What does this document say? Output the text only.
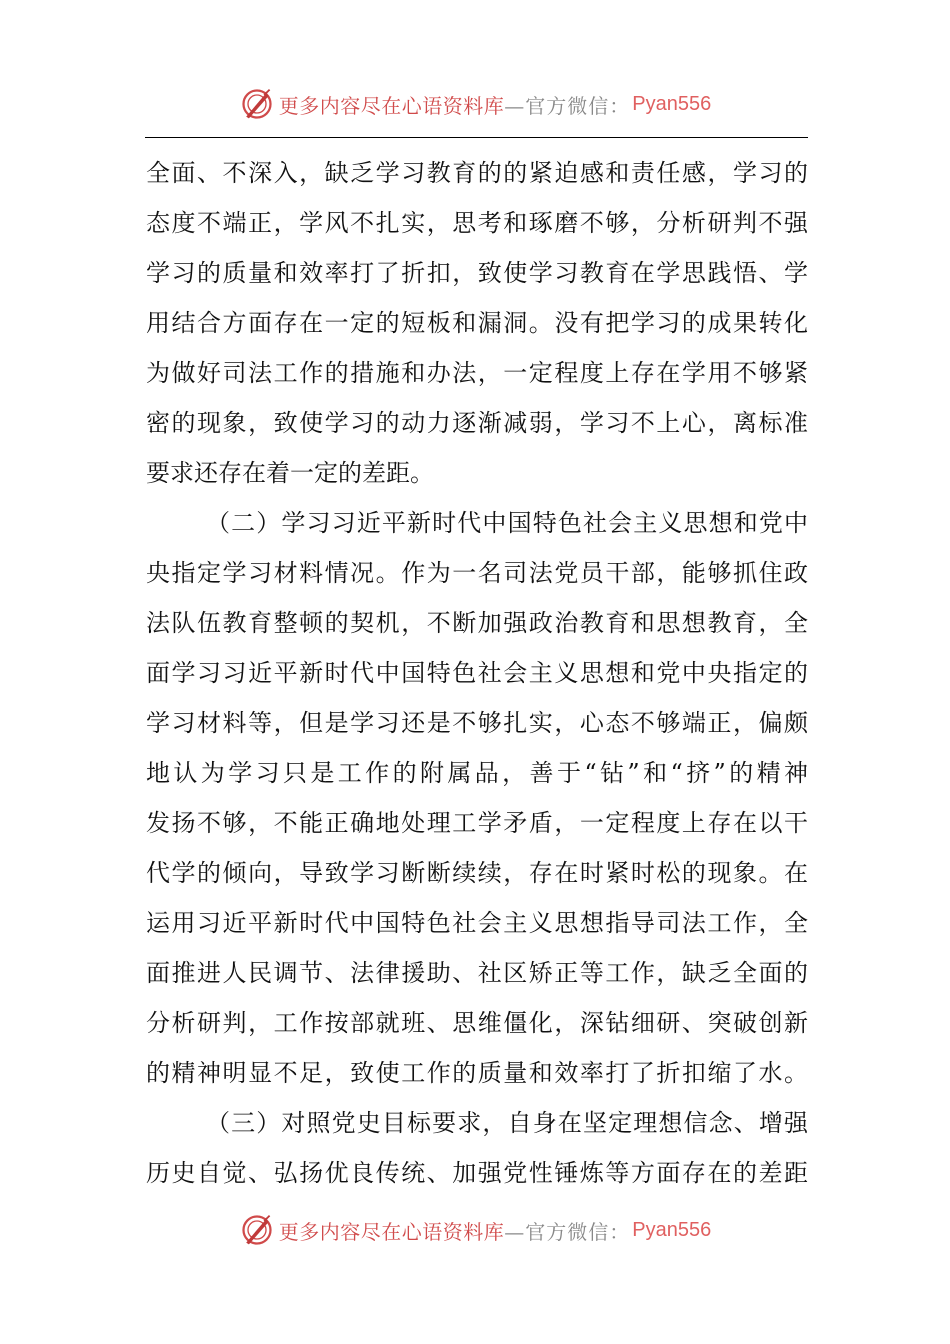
更多内容尽在心语资料库 —官方微信： Pyan556
全面、不深入，缺乏学习教育的的紧迫感和责任感，学习的
态度不端正，学风不扎实，思考和琢磨不够，分析研判不强
学习的质量和效率打了折扣，致使学习教育在学思践悟、学
用结合方面存在一定的短板和漏洞。没有把学习的成果转化
为做好司法工作的措施和办法，一定程度上存在学用不够紧
密的现象，致使学习的动力逐渐减弱，学习不上心，离标准
要求还存在着一定的差距。
（二）学习习近平新时代中国特色社会主义思想和党中
央指定学习材料情况。作为一名司法党员干部，能够抓住政
法队伍教育整顿的契机，不断加强政治教育和思想教育，全
面学习习近平新时代中国特色社会主义思想和党中央指定的
学习材料等，但是学习还是不够扎实，心态不够端正，偏颇
地认为学习只是工作的附属品，善于“钻”和“挤”的精神
发扬不够，不能正确地处理工学矛盾，一定程度上存在以干
代学的倾向，导致学习断断续续，存在时紧时松的现象。在
运用习近平新时代中国特色社会主义思想指导司法工作，全
面推进人民调节、法律援助、社区矫正等工作，缺乏全面的
分析研判，工作按部就班、思维僵化，深钻细研、突破创新
的精神明显不足，致使工作的质量和效率打了折扣缩了水。
（三）对照党史目标要求，自身在坚定理想信念、增强
历史自觉、弘扬优良传统、加强党性锤炼等方面存在的差距
更多内容尽在心语资料库 —官方微信： Pyan556
